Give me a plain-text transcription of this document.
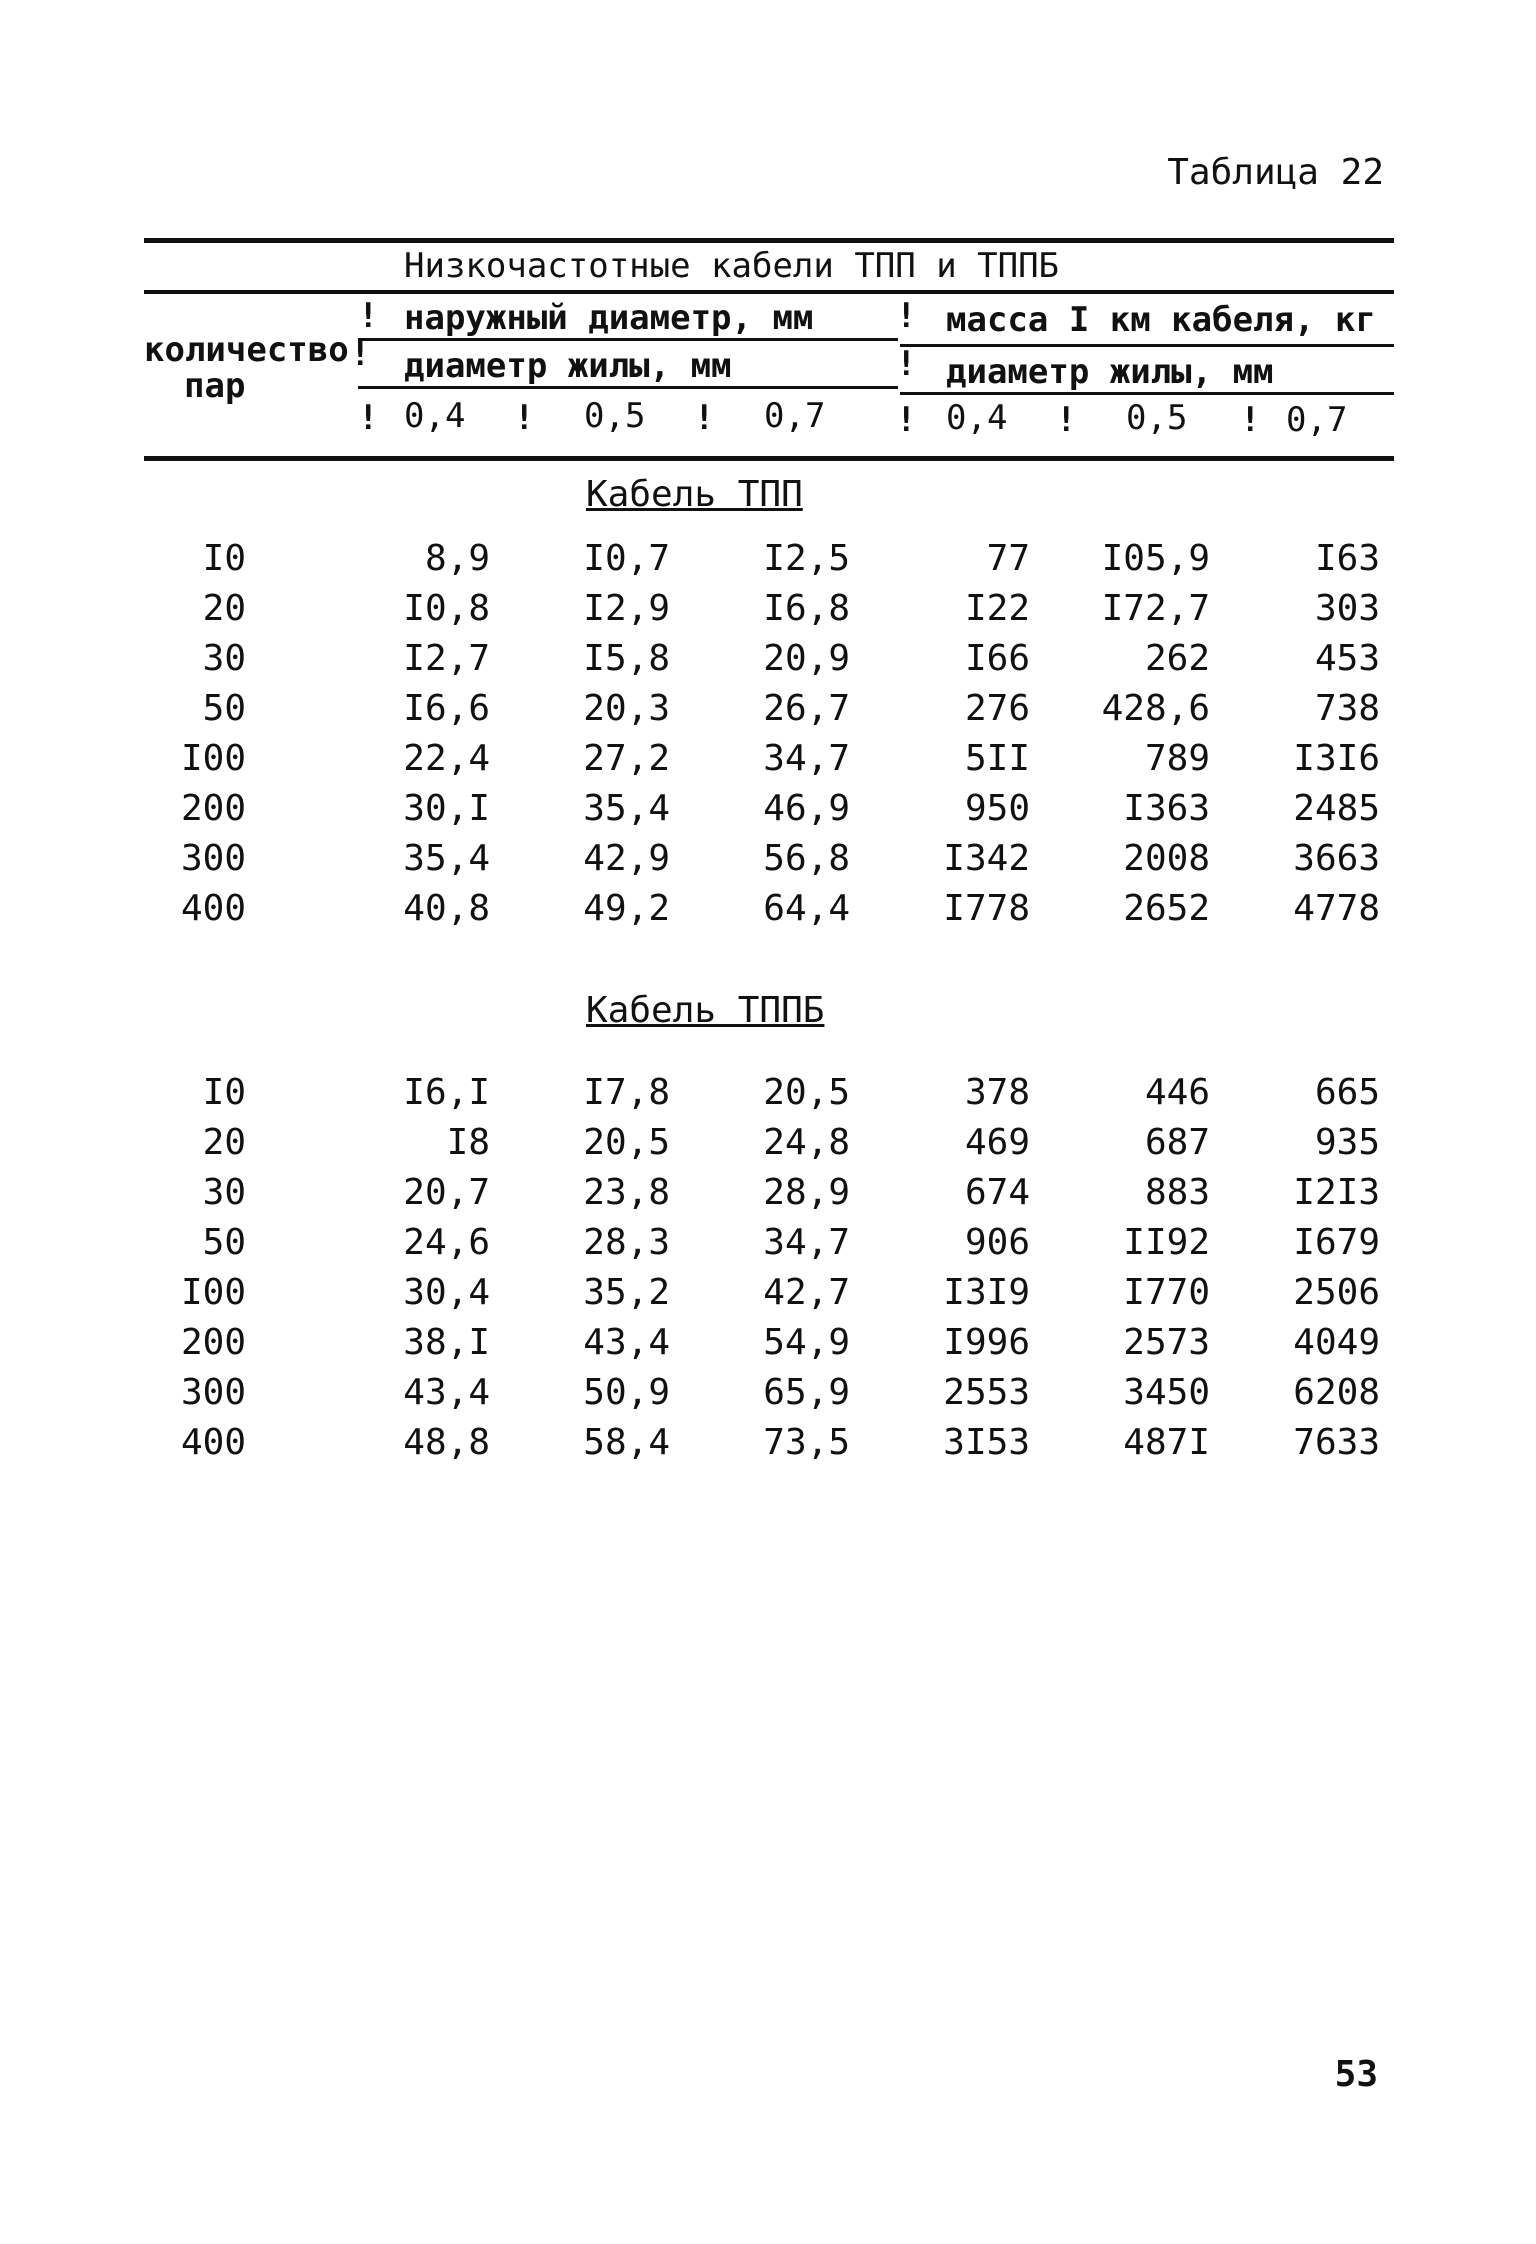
Таблица 22
Низкочастотные кабели ТПП и ТППБ
количество
пар
наружный диаметр, мм	масса I км кабеля, кг
диаметр жилы, мм	диаметр жилы, мм
!
!
!
!
!
!
!	!	!	!
0,4	0,5	0,7	0,4	0,5	0,7
Кабель ТПП
I0	8,9	I0,7	I2,5	77	I05,9	I63
20	I0,8	I2,9	I6,8	I22	I72,7	303
30	I2,7	I5,8	20,9	I66	262	453
50	I6,6	20,3	26,7	276	428,6	738
I00	22,4	27,2	34,7	5II	789	I3I6
200	30,I	35,4	46,9	950	I363	2485
300	35,4	42,9	56,8	I342	2008	3663
400	40,8	49,2	64,4	I778	2652	4778
Кабель ТППБ
I0	I6,I	I7,8	20,5	378	446	665
20	I8	20,5	24,8	469	687	935
30	20,7	23,8	28,9	674	883	I2I3
50	24,6	28,3	34,7	906	II92	I679
I00	30,4	35,2	42,7	I3I9	I770	2506
200	38,I	43,4	54,9	I996	2573	4049
300	43,4	50,9	65,9	2553	3450	6208
400	48,8	58,4	73,5	3I53	487I	7633
53
